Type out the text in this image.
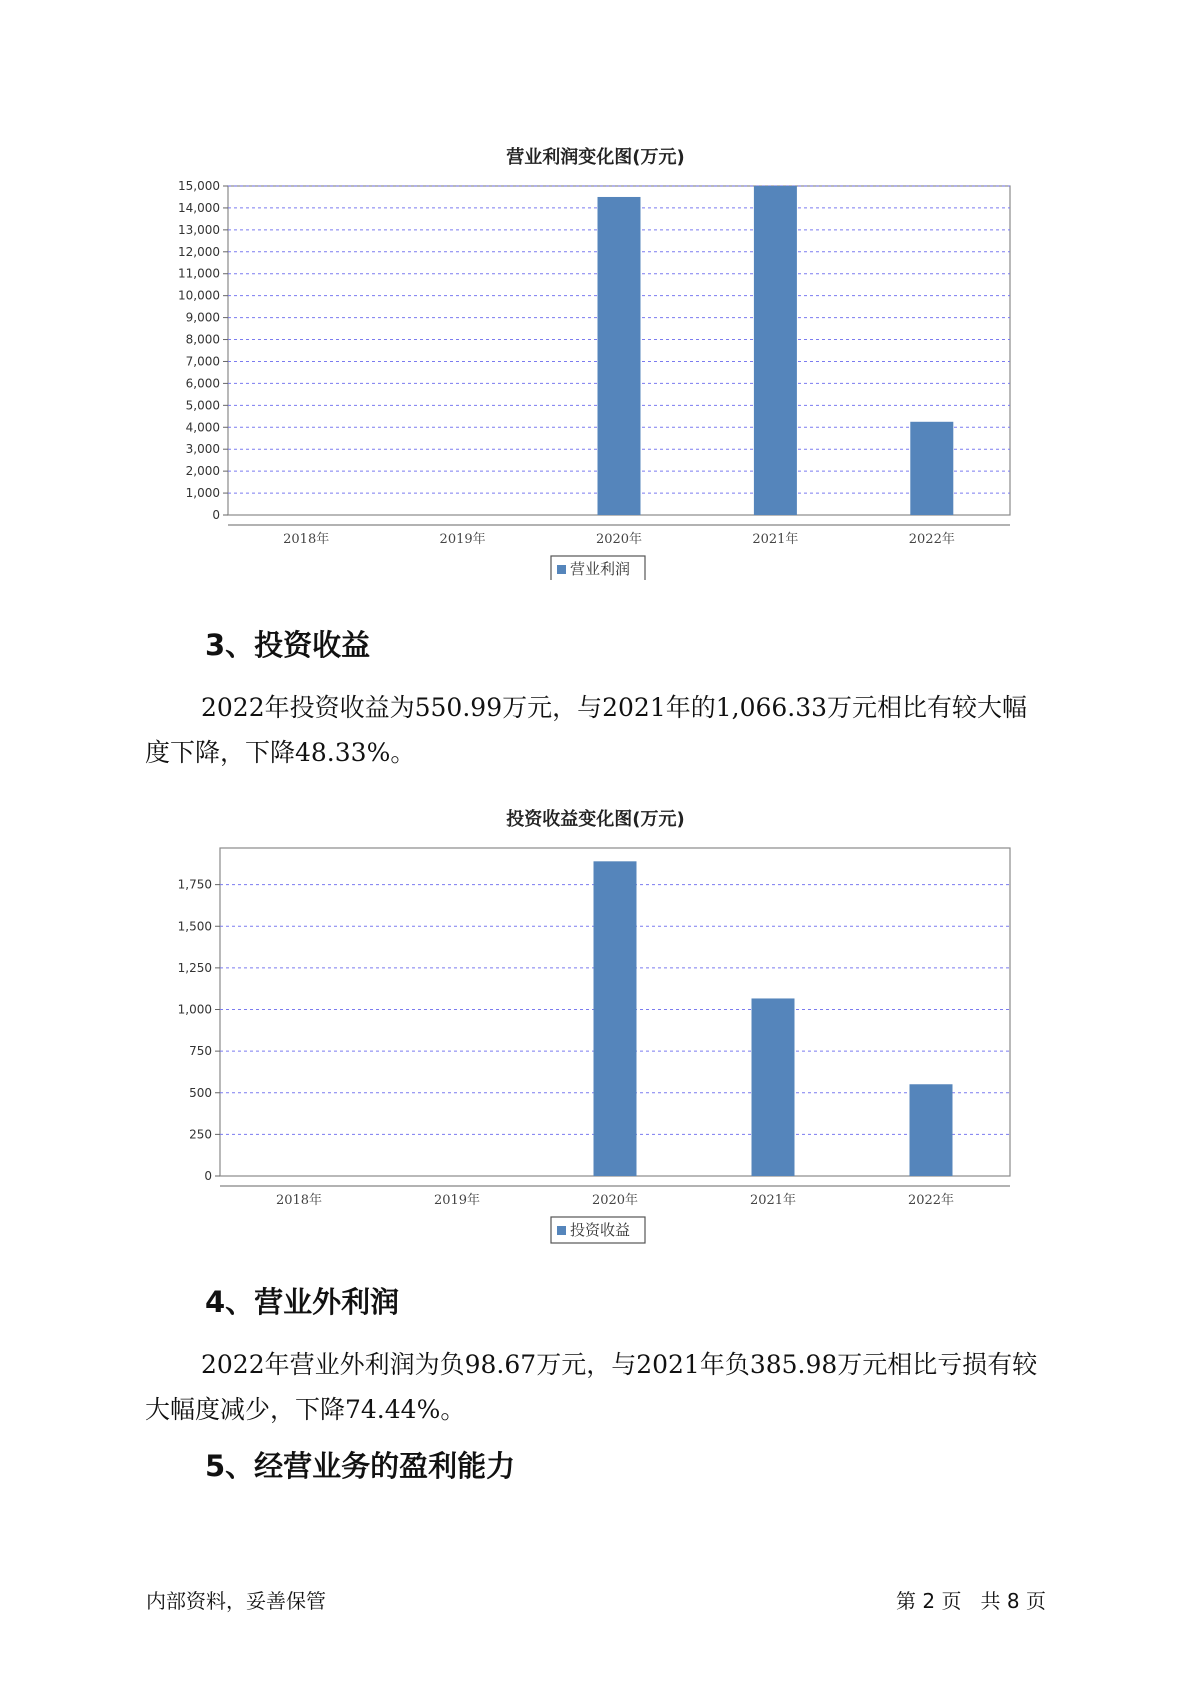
营业利润变化图(万元)
0
1,000
2,000
3,000
4,000
5,000
6,000
7,000
8,000
9,000
10,000
11,000
12,000
13,000
14,000
15,000
2018年	2019年	2020年	2021年	2022年
营业利润
3、投资收益

2022年投资收益为550.99万元，与2021年的1,066.33万元相比有较大幅度下降，下降48.33%。

投资收益变化图(万元)
0
250
500
750
1,000
1,250
1,500
1,750
2018年	2019年	2020年	2021年	2022年
投资收益
4、营业外利润

2022年营业外利润为负98.67万元，与2021年负385.98万元相比亏损有较大幅度减少，下降74.44%。

5、经营业务的盈利能力
内部资料，妥善保管	第 2 页   共 8 页
